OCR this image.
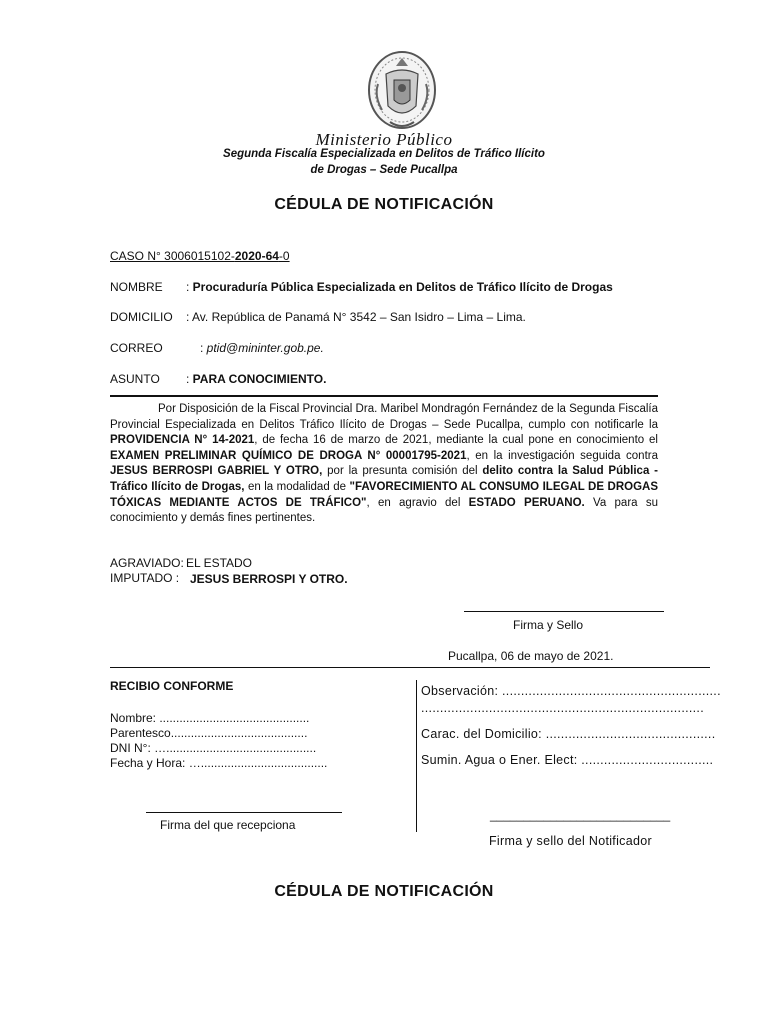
Ministerio Público
Segunda Fiscalía Especializada en Delitos de Tráfico Ilícito
de Drogas – Sede Pucallpa
CÉDULA DE NOTIFICACIÓN
CASO N° 3006015102-2020-64-0
NOMBRE : Procuraduría Pública Especializada en Delitos de Tráfico Ilícito de Drogas
DOMICILIO : Av. República de Panamá N° 3542 – San Isidro – Lima – Lima.
CORREO	: ptid@mininter.gob.pe.
ASUNTO : PARA CONOCIMIENTO.
Por Disposición de la Fiscal Provincial Dra. Maribel Mondragón Fernández de la Segunda Fiscalía Provincial Especializada en Delitos Tráfico Ilícito de Drogas – Sede Pucallpa, cumplo con notificarle la PROVIDENCIA N° 14-2021, de fecha 16 de marzo de 2021, mediante la cual pone en conocimiento el EXAMEN PRELIMINAR QUÍMICO DE DROGA N° 00001795-2021, en la investigación seguida contra JESUS BERROSPI GABRIEL Y OTRO, por la presunta comisión del delito contra la Salud Pública - Tráfico Ilícito de Drogas, en la modalidad de "FAVORECIMIENTO AL CONSUMO ILEGAL DE DROGAS TÓXICAS MEDIANTE ACTOS DE TRÁFICO", en agravio del ESTADO PERUANO. Va para su conocimiento y demás fines pertinentes.
AGRAVIADO: EL ESTADO
IMPUTADO : JESUS BERROSPI Y OTRO.
Firma y Sello
Pucallpa, 06 de mayo de 2021.
RECIBIO CONFORME
Nombre: .............................................
Parentesco.........................................
DNI N°: ….............................................
Fecha y Hora: …......................................
Firma del que recepciona
Observación: ..........................................................
...........................................................................
Carac. del Domicilio: .............................................
Sumin. Agua o Ener. Elect: ...................................
___________________________
Firma y sello del Notificador
CÉDULA DE NOTIFICACIÓN
